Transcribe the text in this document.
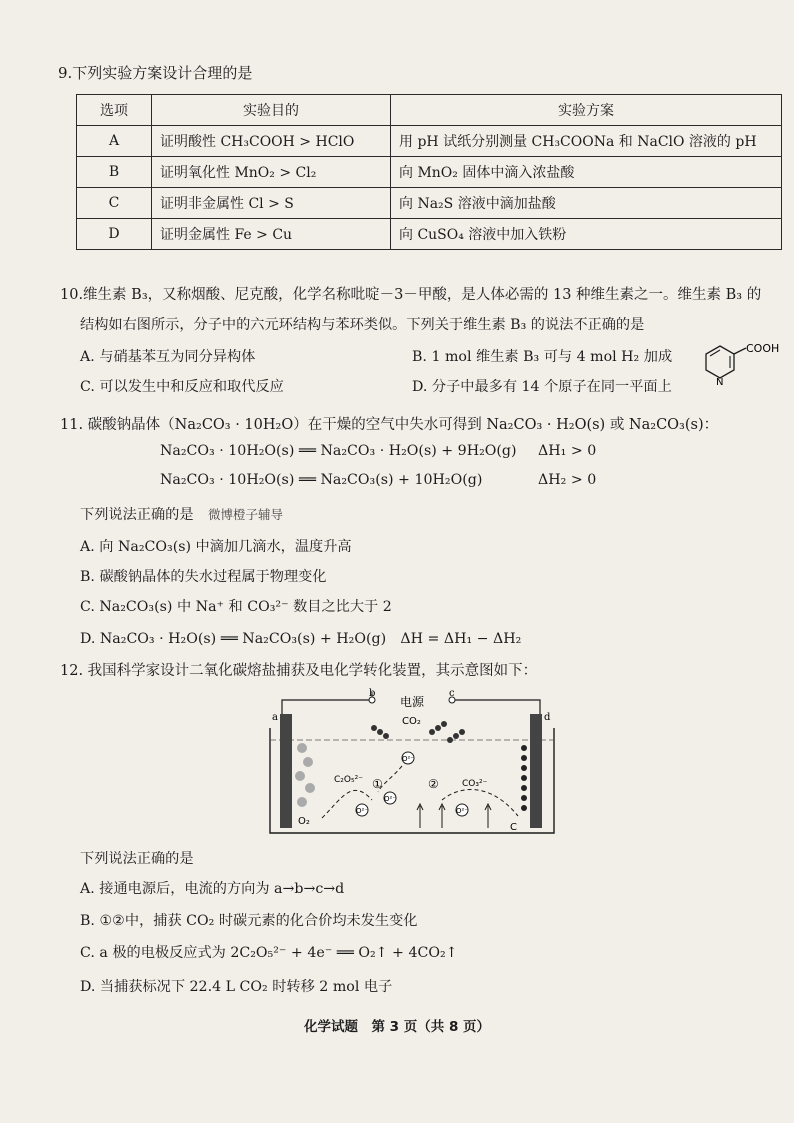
9.下列实验方案设计合理的是
选项	实验目的	实验方案
A	证明酸性 CH₃COOH > HClO	用 pH 试纸分别测量 CH₃COONa 和 NaClO 溶液的 pH
B	证明氧化性 MnO₂ > Cl₂	向 MnO₂ 固体中滴入浓盐酸
C	证明非金属性 Cl > S	向 Na₂S 溶液中滴加盐酸
D	证明金属性 Fe > Cu	向 CuSO₄ 溶液中加入铁粉
10.维生素 B₃，又称烟酸、尼克酸，化学名称吡啶－3－甲酸，是人体必需的 13 种维生素之一。维生素 B₃ 的
结构如右图所示，分子中的六元环结构与苯环类似。下列关于维生素 B₃ 的说法不正确的是
A. 与硝基苯互为同分异构体	B. 1 mol 维生素 B₃ 可与 4 mol H₂ 加成
C. 可以发生中和反应和取代反应	D. 分子中最多有 14 个原子在同一平面上	N
COOH
11. 碳酸钠晶体（Na₂CO₃ · 10H₂O）在干燥的空气中失水可得到 Na₂CO₃ · H₂O(s) 或 Na₂CO₃(s)：
Na₂CO₃ · 10H₂O(s) ══ Na₂CO₃ · H₂O(s) + 9H₂O(g) ΔH₁ > 0
Na₂CO₃ · 10H₂O(s) ══ Na₂CO₃(s) + 10H₂O(g)	ΔH₂ > 0
下列说法正确的是 微博橙子辅导
A. 向 Na₂CO₃(s) 中滴加几滴水，温度升高
B. 碳酸钠晶体的失水过程属于物理变化
C. Na₂CO₃(s) 中 Na⁺ 和 CO₃²⁻ 数目之比大于 2
D. Na₂CO₃ · H₂O(s) ══ Na₂CO₃(s) + H₂O(g)　ΔH = ΔH₁ − ΔH₂
12. 我国科学家设计二氧化碳熔盐捕获及电化学转化装置，其示意图如下：
b	c
电源
CO₂
a	d
O₂
C
C₂O₅²⁻	CO₃²⁻
①	②
O²⁻
O²⁻
O²⁻
O²⁻
下列说法正确的是
A. 接通电源后，电流的方向为 a→b→c→d
B. ①②中，捕获 CO₂ 时碳元素的化合价均未发生变化
C. a 极的电极反应式为 2C₂O₅²⁻ + 4e⁻ ══ O₂↑ + 4CO₂↑
D. 当捕获标况下 22.4 L CO₂ 时转移 2 mol 电子
化学试题　第 3 页（共 8 页）
